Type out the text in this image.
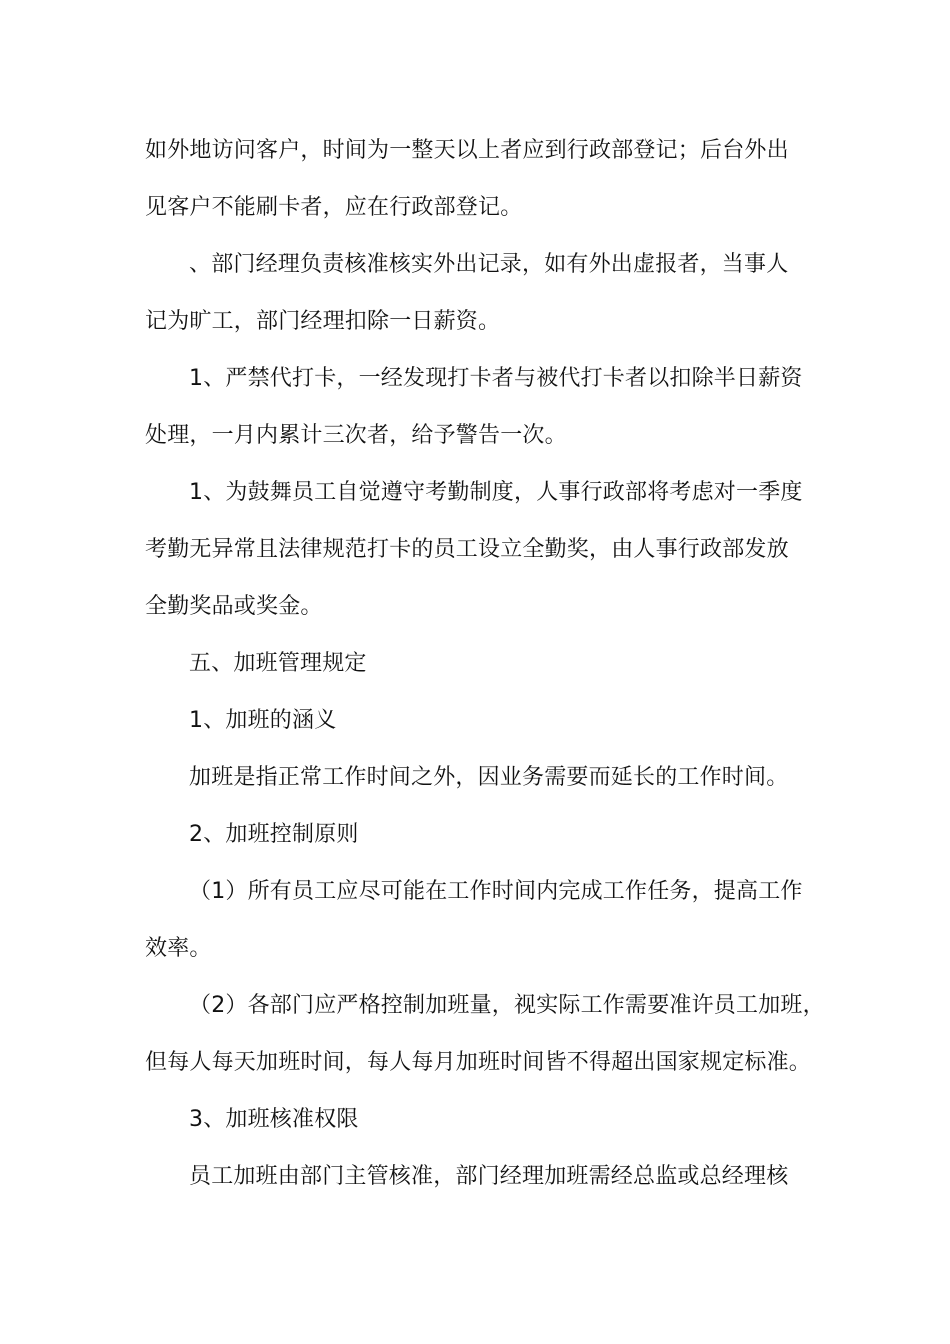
如外地访问客户，时间为一整天以上者应到行政部登记；后台外出
见客户不能刷卡者，应在行政部登记。
、部门经理负责核准核实外出记录，如有外出虚报者，当事人
记为旷工，部门经理扣除一日薪资。
1、严禁代打卡，一经发现打卡者与被代打卡者以扣除半日薪资
处理，一月内累计三次者，给予警告一次。
1、为鼓舞员工自觉遵守考勤制度，人事行政部将考虑对一季度
考勤无异常且法律规范打卡的员工设立全勤奖，由人事行政部发放
全勤奖品或奖金。
五、加班管理规定
1、加班的涵义
加班是指正常工作时间之外，因业务需要而延长的工作时间。
2、加班控制原则
（1）所有员工应尽可能在工作时间内完成工作任务，提高工作
效率。
（2）各部门应严格控制加班量，视实际工作需要准许员工加班，
但每人每天加班时间，每人每月加班时间皆不得超出国家规定标准。
3、加班核准权限
员工加班由部门主管核准，部门经理加班需经总监或总经理核
